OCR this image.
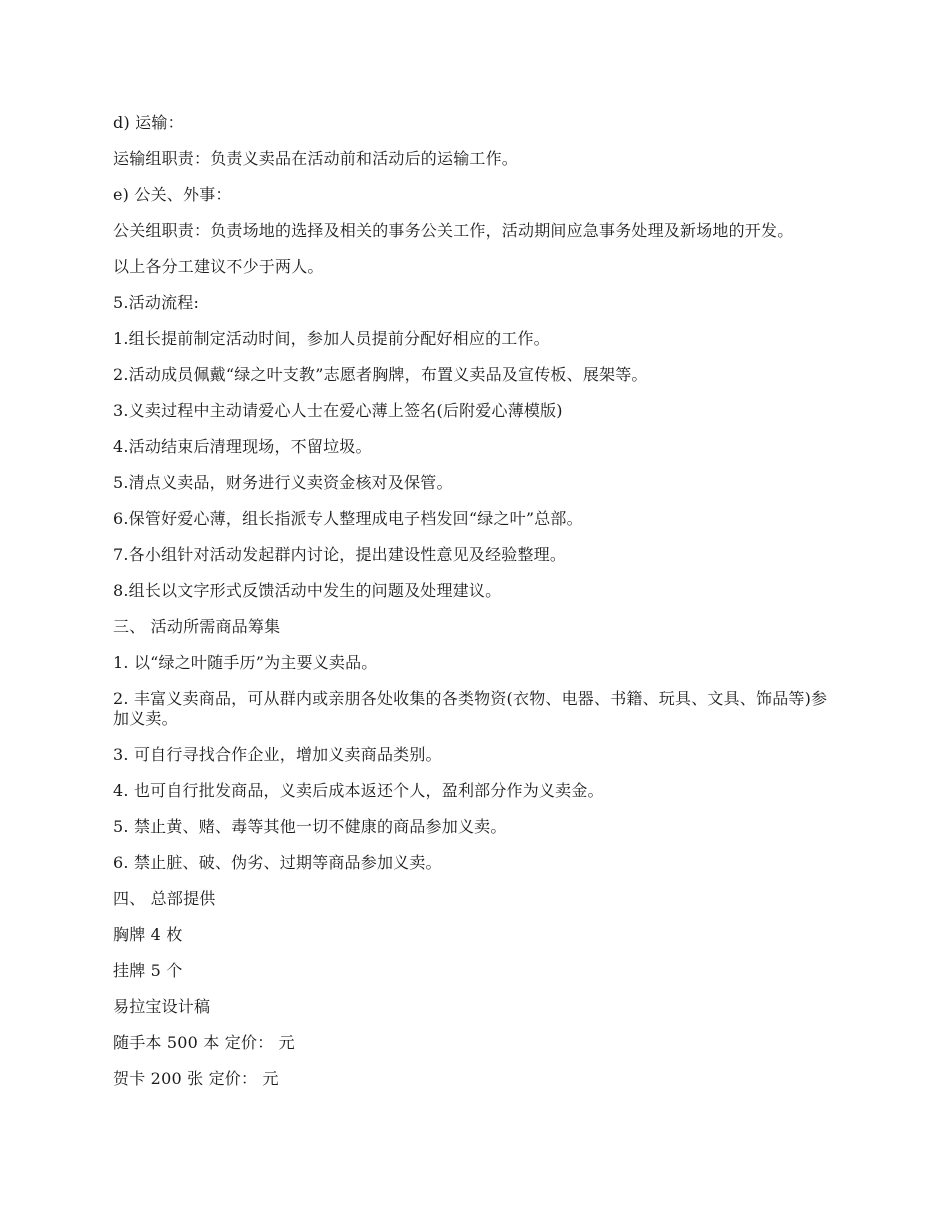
d) 运输：

运输组职责：负责义卖品在活动前和活动后的运输工作。

e) 公关、外事：

公关组职责：负责场地的选择及相关的事务公关工作，活动期间应急事务处理及新场地的开发。

以上各分工建议不少于两人。

5.活动流程:

1.组长提前制定活动时间，参加人员提前分配好相应的工作。

2.活动成员佩戴“绿之叶支教”志愿者胸牌，布置义卖品及宣传板、展架等。

3.义卖过程中主动请爱心人士在爱心薄上签名(后附爱心薄模版)

4.活动结束后清理现场，不留垃圾。

5.清点义卖品，财务进行义卖资金核对及保管。

6.保管好爱心薄，组长指派专人整理成电子档发回“绿之叶”总部。

7.各小组针对活动发起群内讨论，提出建设性意见及经验整理。

8.组长以文字形式反馈活动中发生的问题及处理建议。

三、 活动所需商品筹集

1. 以“绿之叶随手历”为主要义卖品。

2. 丰富义卖商品，可从群内或亲朋各处收集的各类物资(衣物、电器、书籍、玩具、文具、饰品等)参加义卖。

3. 可自行寻找合作企业，增加义卖商品类别。

4. 也可自行批发商品，义卖后成本返还个人，盈利部分作为义卖金。

5. 禁止黄、赌、毒等其他一切不健康的商品参加义卖。

6. 禁止脏、破、伪劣、过期等商品参加义卖。

四、 总部提供

胸牌 4 枚

挂牌 5 个

易拉宝设计稿

随手本 500 本 定价： 元

贺卡 200 张 定价： 元
